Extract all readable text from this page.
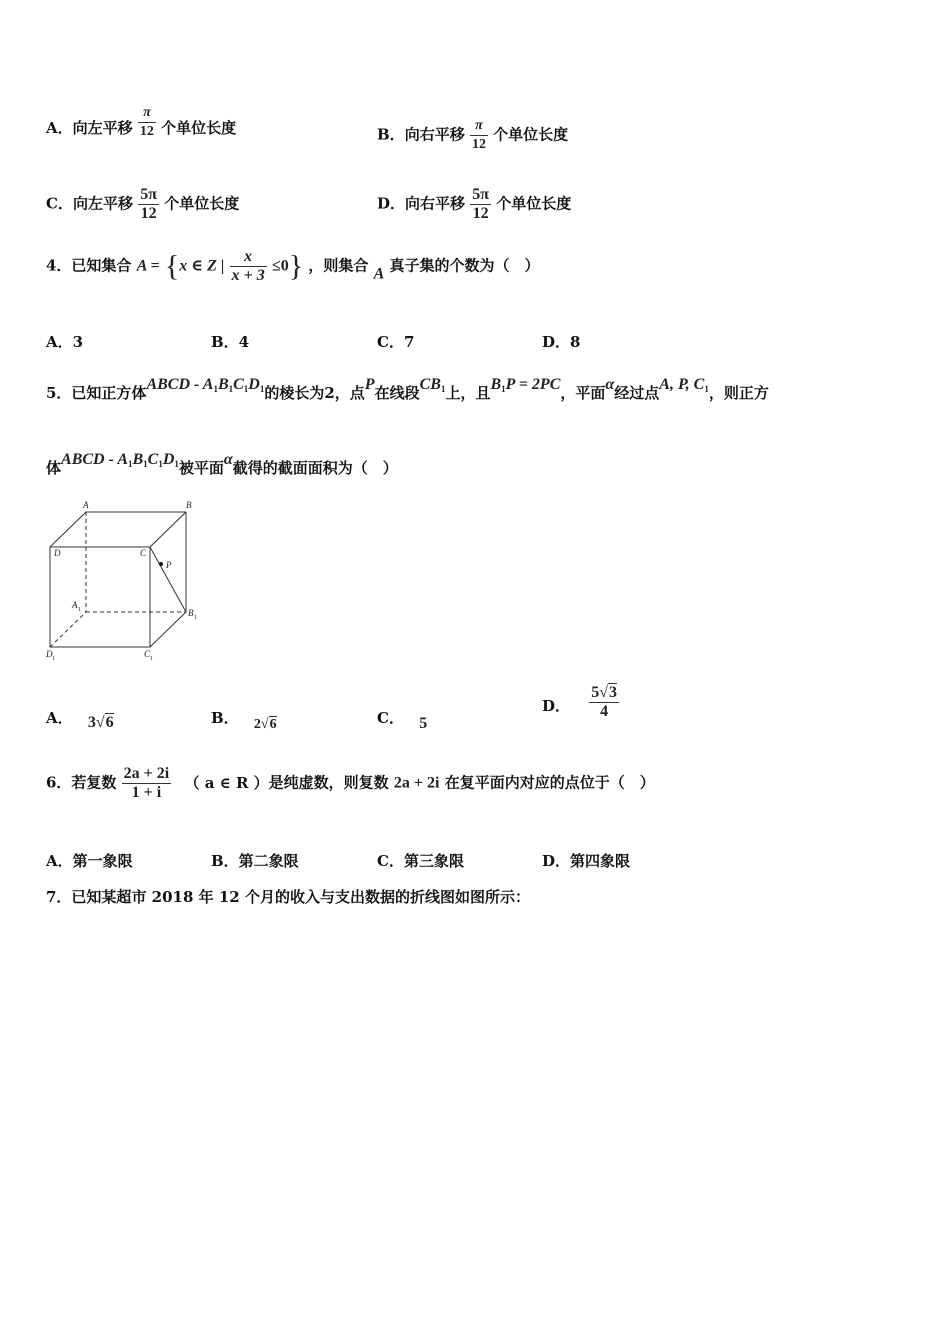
A．向左平移 $\frac{\pi}{12}$ 个单位长度	B．向右平移 $\frac{\pi}{12}$ 个单位长度
C．向左平移 $\frac{5\pi}{12}$ 个单位长度	D．向右平移 $\frac{5\pi}{12}$ 个单位长度
4．已知集合 A = {x ∈ Z | $\frac{x}{x + 3} \le 0$} ，则集合 A 真子集的个数为（　）
A．3	B．4	C．7	D．8
5．已知正方体ABCD - $A_1B_1C_1D_1$的棱长为2，点P在线段$CB_1$上，且$B_1P = 2PC$，平面α经过点A, P, $C_1$，则正方
体ABCD - $A_1B_1C_1D_1$被平面α截得的截面面积为（　）
A	B
C
D
P
A 1	B 1
C 1
D 1
A． 3√6	B． 2√6	C． 5
D． $\frac{5√3}{4}$
6．若复数 $\frac{2a + 2i}{1 + i}$ （ a ∈ R ）是纯虚数，则复数 2a + 2i 在复平面内对应的点位于（　）
A．第一象限	B．第二象限	C．第三象限	D．第四象限
7．已知某超市 2018 年 12 个月的收入与支出数据的折线图如图所示：
